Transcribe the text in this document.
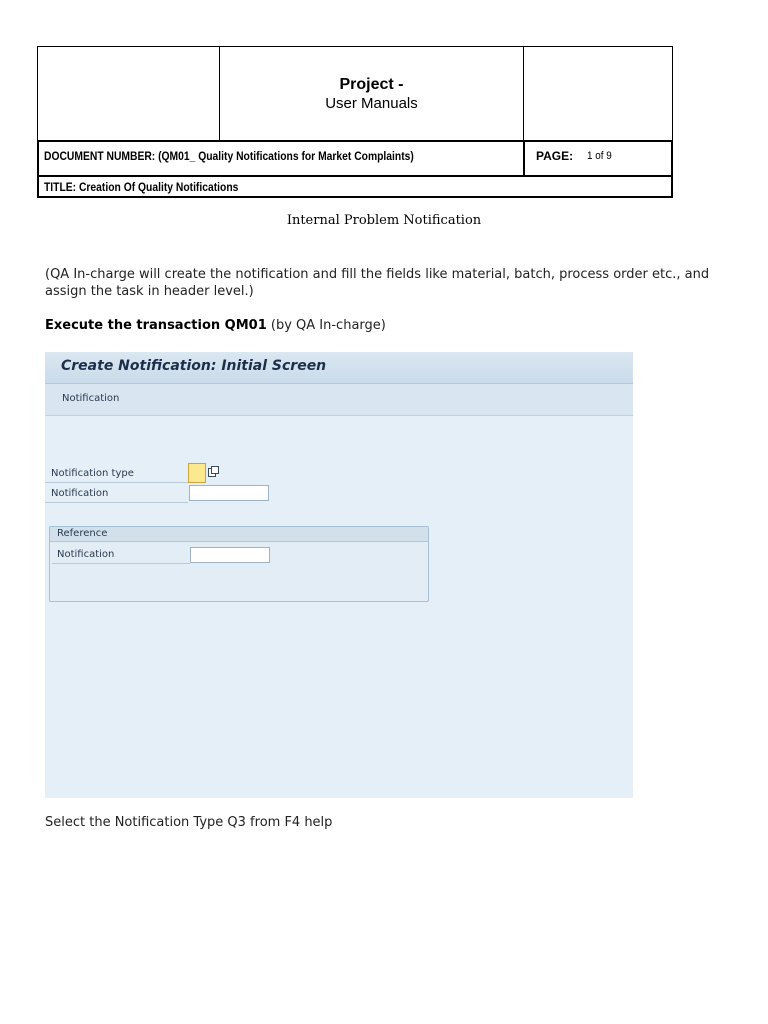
Project -
User Manuals
DOCUMENT NUMBER: (QM01_ Quality Notifications for Market Complaints)	PAGE: 1 of 9
TITLE: Creation Of Quality Notifications
Internal Problem Notification
(QA In-charge will create the notification and fill the fields like material, batch, process order etc., and assign the task in header level.)
Execute the transaction QM01 (by QA In-charge)
Create Notification: Initial Screen
Notification
Notification type
Notification
Reference
Notification
Select the Notification Type Q3 from F4 help
